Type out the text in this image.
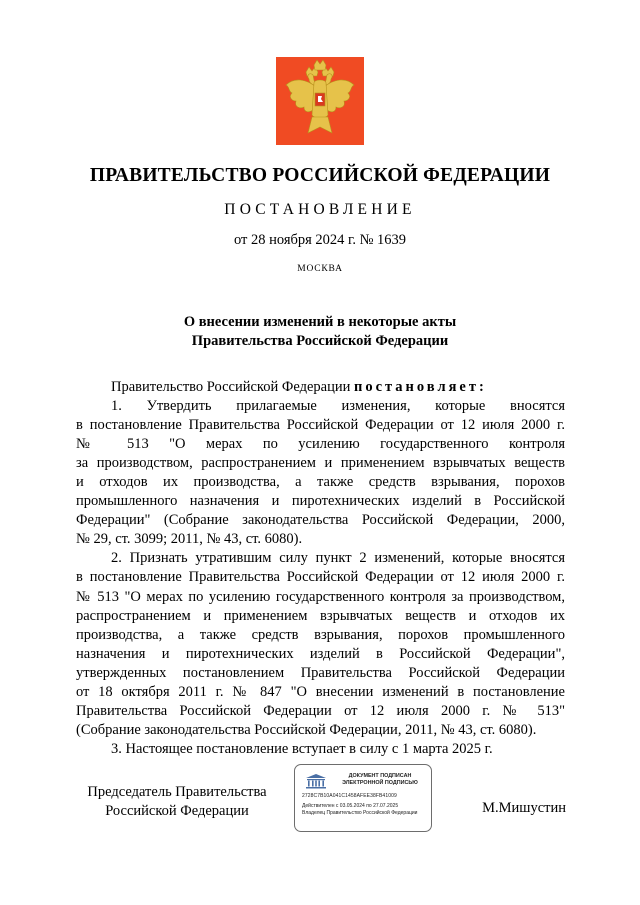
ПРАВИТЕЛЬСТВО РОССИЙСКОЙ ФЕДЕРАЦИИ
ПОСТАНОВЛЕНИЕ
от 28 ноября 2024 г. № 1639
МОСКВА
О внесении изменений в некоторые акты
Правительства Российской Федерации
Правительство Российской Федерации постановляет:
1. Утвердить прилагаемые изменения, которые вносятся
в постановление Правительства Российской Федерации от 12 июля 2000 г.
№ 513 "О мерах по усилению государственного контроля
за производством, распространением и применением взрывчатых веществ
и отходов их производства, а также средств взрывания, порохов
промышленного назначения и пиротехнических изделий в Российской
Федерации" (Собрание законодательства Российской Федерации, 2000,
№ 29, ст. 3099; 2011, № 43, ст. 6080).
2. Признать утратившим силу пункт 2 изменений, которые вносятся
в постановление Правительства Российской Федерации от 12 июля 2000 г.
№ 513 "О мерах по усилению государственного контроля за производством,
распространением и применением взрывчатых веществ и отходов их
производства, а также средств взрывания, порохов промышленного
назначения и пиротехнических изделий в Российской Федерации",
утвержденных постановлением Правительства Российской Федерации
от 18 октября 2011 г. № 847 "О внесении изменений в постановление
Правительства Российской Федерации от 12 июля 2000 г. № 513"
(Собрание законодательства Российской Федерации, 2011, № 43, ст. 6080).
3. Настоящее постановление вступает в силу с 1 марта 2025 г.
Председатель Правительства
Российской Федерации
ДОКУМЕНТ ПОДПИСАН
ЭЛЕКТРОННОЙ ПОДПИСЬЮ
2728C7B10A041C1458AFEE38FB41009
Действителен с 03.05.2024 по 27.07.2025
Владелец Правительство Российской Федерации	М.Мишустин
